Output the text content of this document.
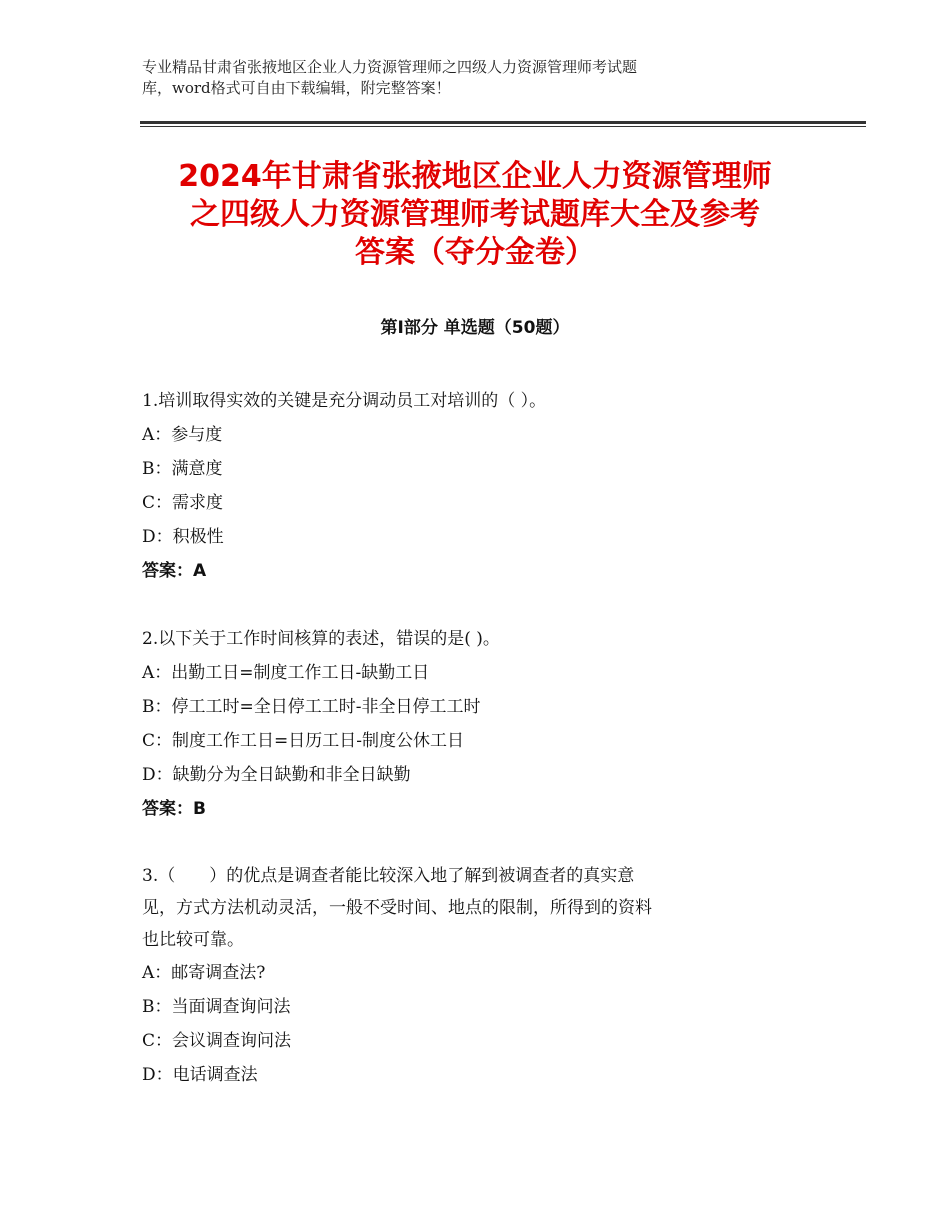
专业精品甘肃省张掖地区企业人力资源管理师之四级人力资源管理师考试题
库，word格式可自由下载编辑，附完整答案！
2024年甘肃省张掖地区企业人力资源管理师
之四级人力资源管理师考试题库大全及参考
答案（夺分金卷）
第Ⅰ部分 单选题（50题）
1.培训取得实效的关键是充分调动员工对培训的（ ）。
A：参与度
B：满意度
C：需求度
D：积极性
答案：A
2.以下关于工作时间核算的表述，错误的是( )。
A：出勤工日=制度工作工日-缺勤工日
B：停工工时=全日停工工时-非全日停工工时
C：制度工作工日=日历工日-制度公休工日
D：缺勤分为全日缺勤和非全日缺勤
答案：B
3.（　　）的优点是调查者能比较深入地了解到被调查者的真实意
见，方式方法机动灵活，一般不受时间、地点的限制，所得到的资料
也比较可靠。
A：邮寄调查法?
B：当面调查询问法
C：会议调查询问法
D：电话调查法
